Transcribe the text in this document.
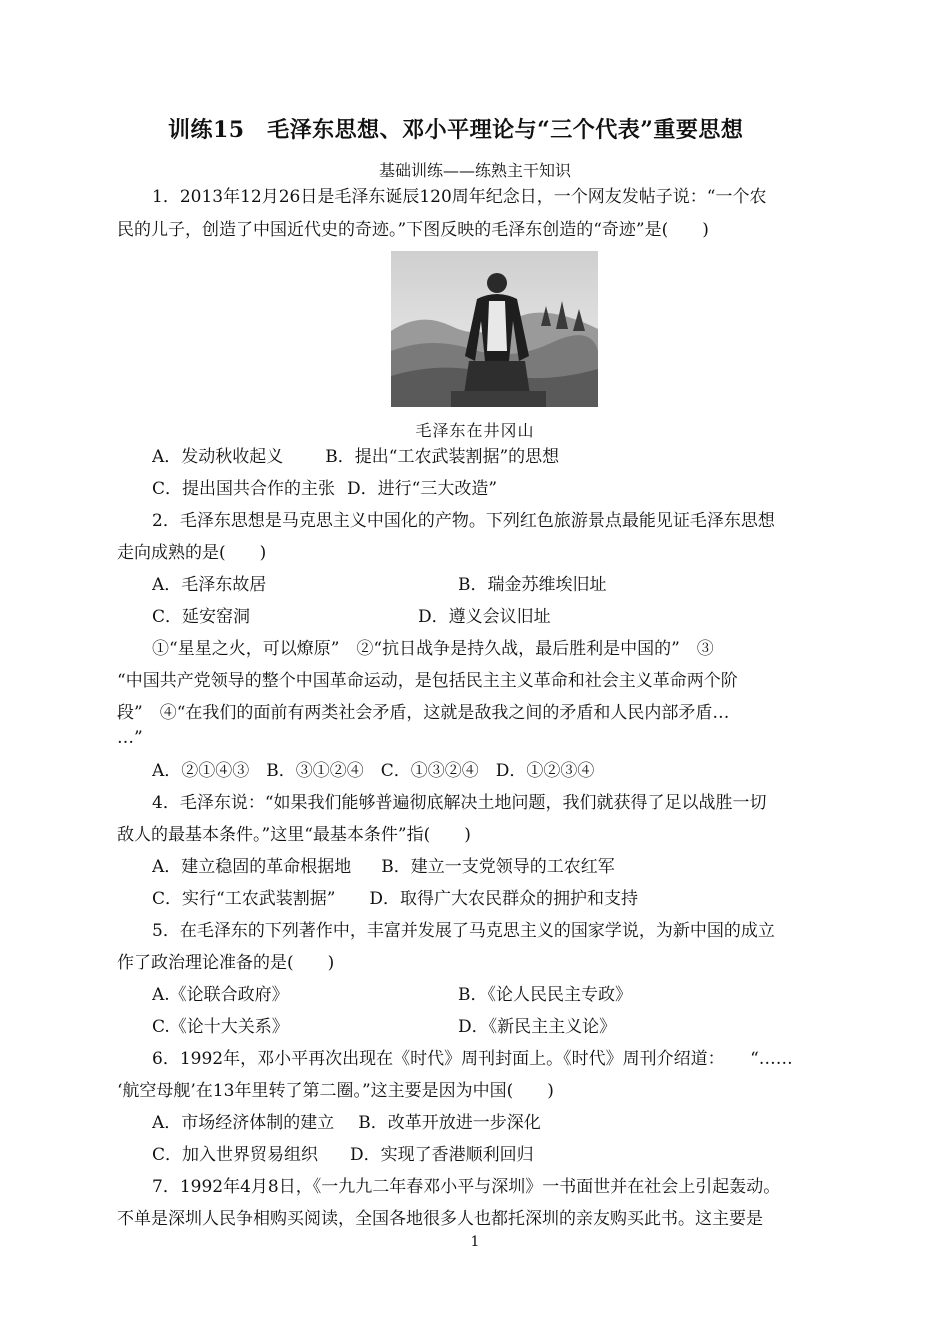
训练15　毛泽东思想、邓小平理论与“三个代表”重要思想
基础训练——练熟主干知识
1．2013年12月26日是毛泽东诞辰120周年纪念日，一个网友发帖子说：“一个农
民的儿子，创造了中国近代史的奇迹。”下图反映的毛泽东创造的“奇迹”是(　　)
毛泽东在井冈山
A．发动秋收起义 B．提出“工农武装割据”的思想
C．提出国共合作的主张 D．进行“三大改造”
2．毛泽东思想是马克思主义中国化的产物。下列红色旅游景点最能见证毛泽东思想
走向成熟的是(　　)
A．毛泽东故居	B．瑞金苏维埃旧址
C．延安窑洞	D．遵义会议旧址
①“星星之火，可以燎原”　②“抗日战争是持久战，最后胜利是中国的”　③
“中国共产党领导的整个中国革命运动，是包括民主主义革命和社会主义革命两个阶
段”　④“在我们的面前有两类社会矛盾，这就是敌我之间的矛盾和人民内部矛盾…
…”
A．②①④③　B．③①②④　C．①③②④　D．①②③④
4．毛泽东说：“如果我们能够普遍彻底解决土地问题，我们就获得了足以战胜一切
敌人的最基本条件。”这里“最基本条件”指(　　)
A．建立稳固的革命根据地 B．建立一支党领导的工农红军
C．实行“工农武装割据” D．取得广大农民群众的拥护和支持
5．在毛泽东的下列著作中，丰富并发展了马克思主义的国家学说，为新中国的成立
作了政治理论准备的是(　　)
A.《论联合政府》	B．《论人民民主专政》
C.《论十大关系》	D．《新民主主义论》
6．1992年，邓小平再次出现在《时代》周刊封面上。《时代》周刊介绍道：　　“……
‘航空母舰’在13年里转了第二圈。”这主要是因为中国(　　)
A．市场经济体制的建立 B．改革开放进一步深化
C．加入世界贸易组织 D．实现了香港顺利回归
7．1992年4月8日，《一九九二年春邓小平与深圳》一书面世并在社会上引起轰动。
不单是深圳人民争相购买阅读，全国各地很多人也都托深圳的亲友购买此书。这主要是
1
